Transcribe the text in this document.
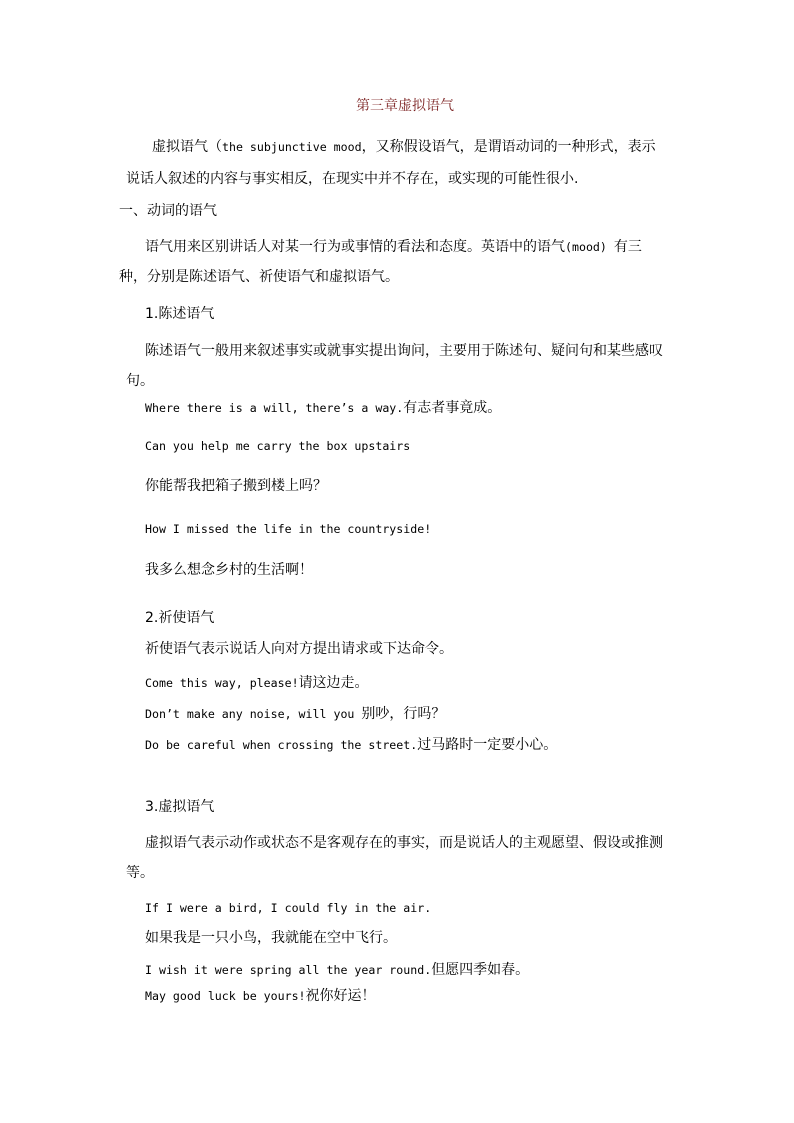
第三章虚拟语气
虚拟语气（the subjunctive mood，又称假设语气，是谓语动词的一种形式，表示
说话人叙述的内容与事实相反，在现实中并不存在，或实现的可能性很小.
一、动词的语气
语气用来区别讲话人对某一行为或事情的看法和态度。英语中的语气(mood) 有三
种，分别是陈述语气、祈使语气和虚拟语气。
1.陈述语气
陈述语气一般用来叙述事实或就事实提出询问，主要用于陈述句、疑问句和某些感叹
句。
Where there is a will, there’s a way.有志者事竟成。
Can you help me carry the box upstairs
你能帮我把箱子搬到楼上吗？
How I missed the life in the countryside!
我多么想念乡村的生活啊！
2.祈使语气
祈使语气表示说话人向对方提出请求或下达命令。
Come this way, please!请这边走。
Don’t make any noise, will you 别吵，行吗？
Do be careful when crossing the street.过马路时一定要小心。
3.虚拟语气
虚拟语气表示动作或状态不是客观存在的事实，而是说话人的主观愿望、假设或推测
等。
If I were a bird, I could fly in the air.
如果我是一只小鸟，我就能在空中飞行。
I wish it were spring all the year round.但愿四季如春。
May good luck be yours!祝你好运！
